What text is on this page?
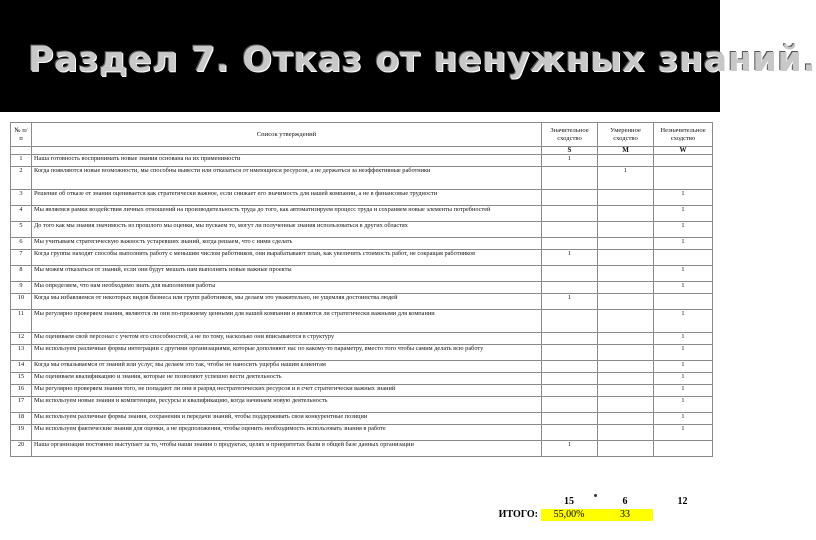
Раздел 7. Отказ от ненужных знаний.
№ п/п	Список утверждений	Значительное сходство	Умеренное сходство	Незначительное сходство
		S	M	W
1	Наша готовность воспринимать новые знания основана на их применимости	1		
2	Когда появляются новые возможности, мы способны вывести или отказаться от имеющихся ресурсов, а не держаться за неэффективные работники		1	
3	Решение об отказе от знания оценивается как стратегически важное, если снижает его значимость для нашей компании, а не в финансовые трудности			1
4	Мы являемся рамки воздействия личных отношений на производительность труда до того, как автоматизируем процесс труда и сохраняем новые элементы потребностей			1
5	До того как мы знания значимость из прошлого мы оценки, мы пускаем то, могут ли полученные знания использоваться в других областях			1
6	Мы учитываем стратегическую важность устаревших знаний, когда решаем, что с ними сделать			1
7	Когда группы находят способы выполнить работу с меньшим числом работников, они вырабатывают план, как увеличить стоимость работ, не сокращая работников	1		
8	Мы можем отказаться от знаний, если они будут мешать нам выполнять новые важные проекты			1
9	Мы определяем, что нам необходимо знать для выполнения работы			1
10	Когда мы избавляемся от некоторых видов бизнеса или групп работников, мы делаем это уважительно, не ущемляя достоинства людей	1		
11	Мы регулярно проверяем знания, являются ли они по-прежнему ценными для нашей компании и являются ли стратегически важными для компании			1
12	Мы оцениваем свой персонал с учетом его способностей, а не по тому, насколько они вписываются в структуру			1
13	Мы используем различные формы интеграции с другими организациями, которые дополняют нас по какому-то параметру, вместо того чтобы самим делать всю работу			1
14	Когда мы отказываемся от знаний или услуг, мы делаем это так, чтобы не наносить ущерба нашим клиентам			1
15	Мы оцениваем квалификацию и знания, которые не позволяют успешно вести деятельность			1
16	Мы регулярно проверяем знания того, не попадают ли они в разряд нестратегических ресурсов и в счет стратегически важных знаний			1
17	Мы используем новые знания и компетенции, ресурсы и квалификацию, когда начинаем новую деятельность			1
18	Мы используем различные формы знания, сохранения и передачи знаний, чтобы поддерживать свои конкурентные позиции			1
19	Мы используем фактические знания для оценки, а не предположения, чтобы оценить необходимость использовать знания в работе			1
20	Наша организация постоянно выступает за то, чтобы наши знания о продуктах, целях и приоритетах были в общей базе данных организации	1		
15	6	12
ИТОГО:	55,00%	33
